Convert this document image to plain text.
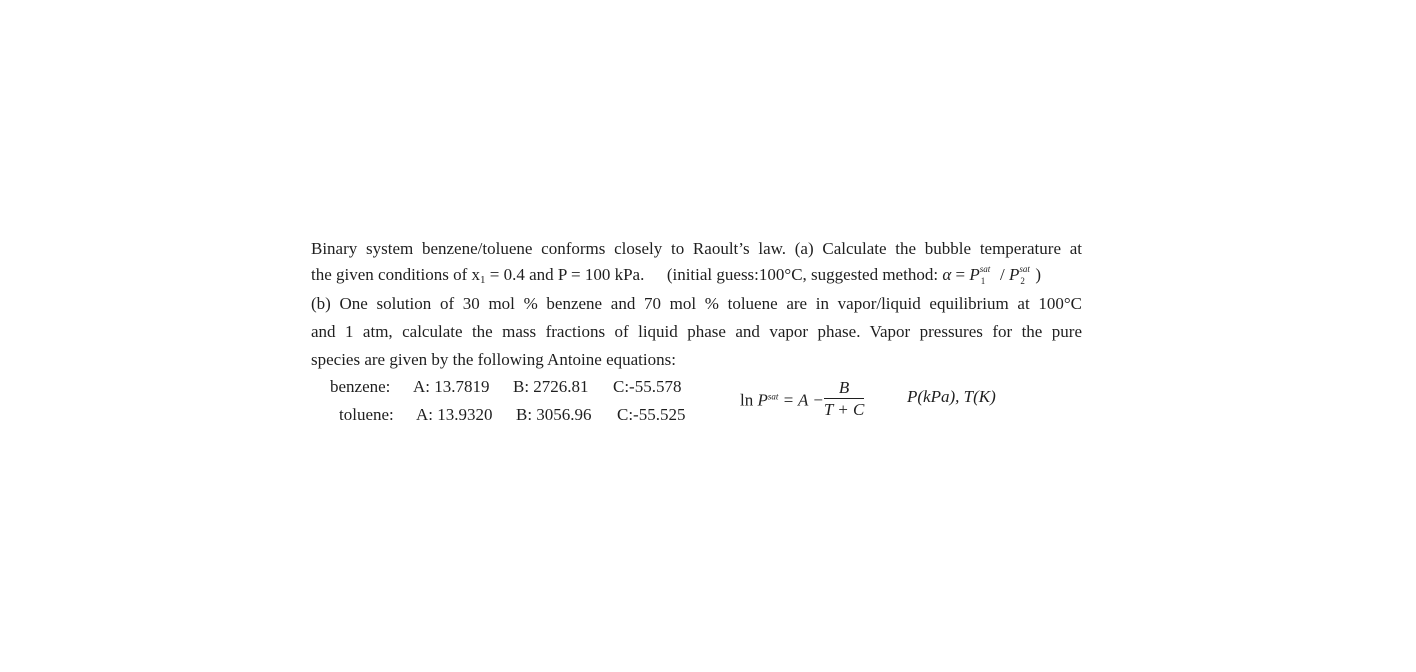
Binary system benzene/toluene conforms closely to Raoult’s law. (a) Calculate the bubble temperature at
the given conditions of x1 = 0.4 and P = 100 kPa. (initial guess:100°C, suggested method: α = P sat
1 / P sat
2 )
(b) One solution of 30 mol % benzene and 70 mol % toluene are in vapor/liquid equilibrium at 100°C
and 1 atm, calculate the mass fractions of liquid phase and vapor phase. Vapor pressures for the pure
species are given by the following Antoine equations:
benzene: A: 13.7819 B: 2726.81 C:-55.578
toluene: A: 13.9320 B: 3056.96 C:-55.525
$\ln P^{sat} = A - \frac{B}{T + C}$	P(kPa), T(K)
